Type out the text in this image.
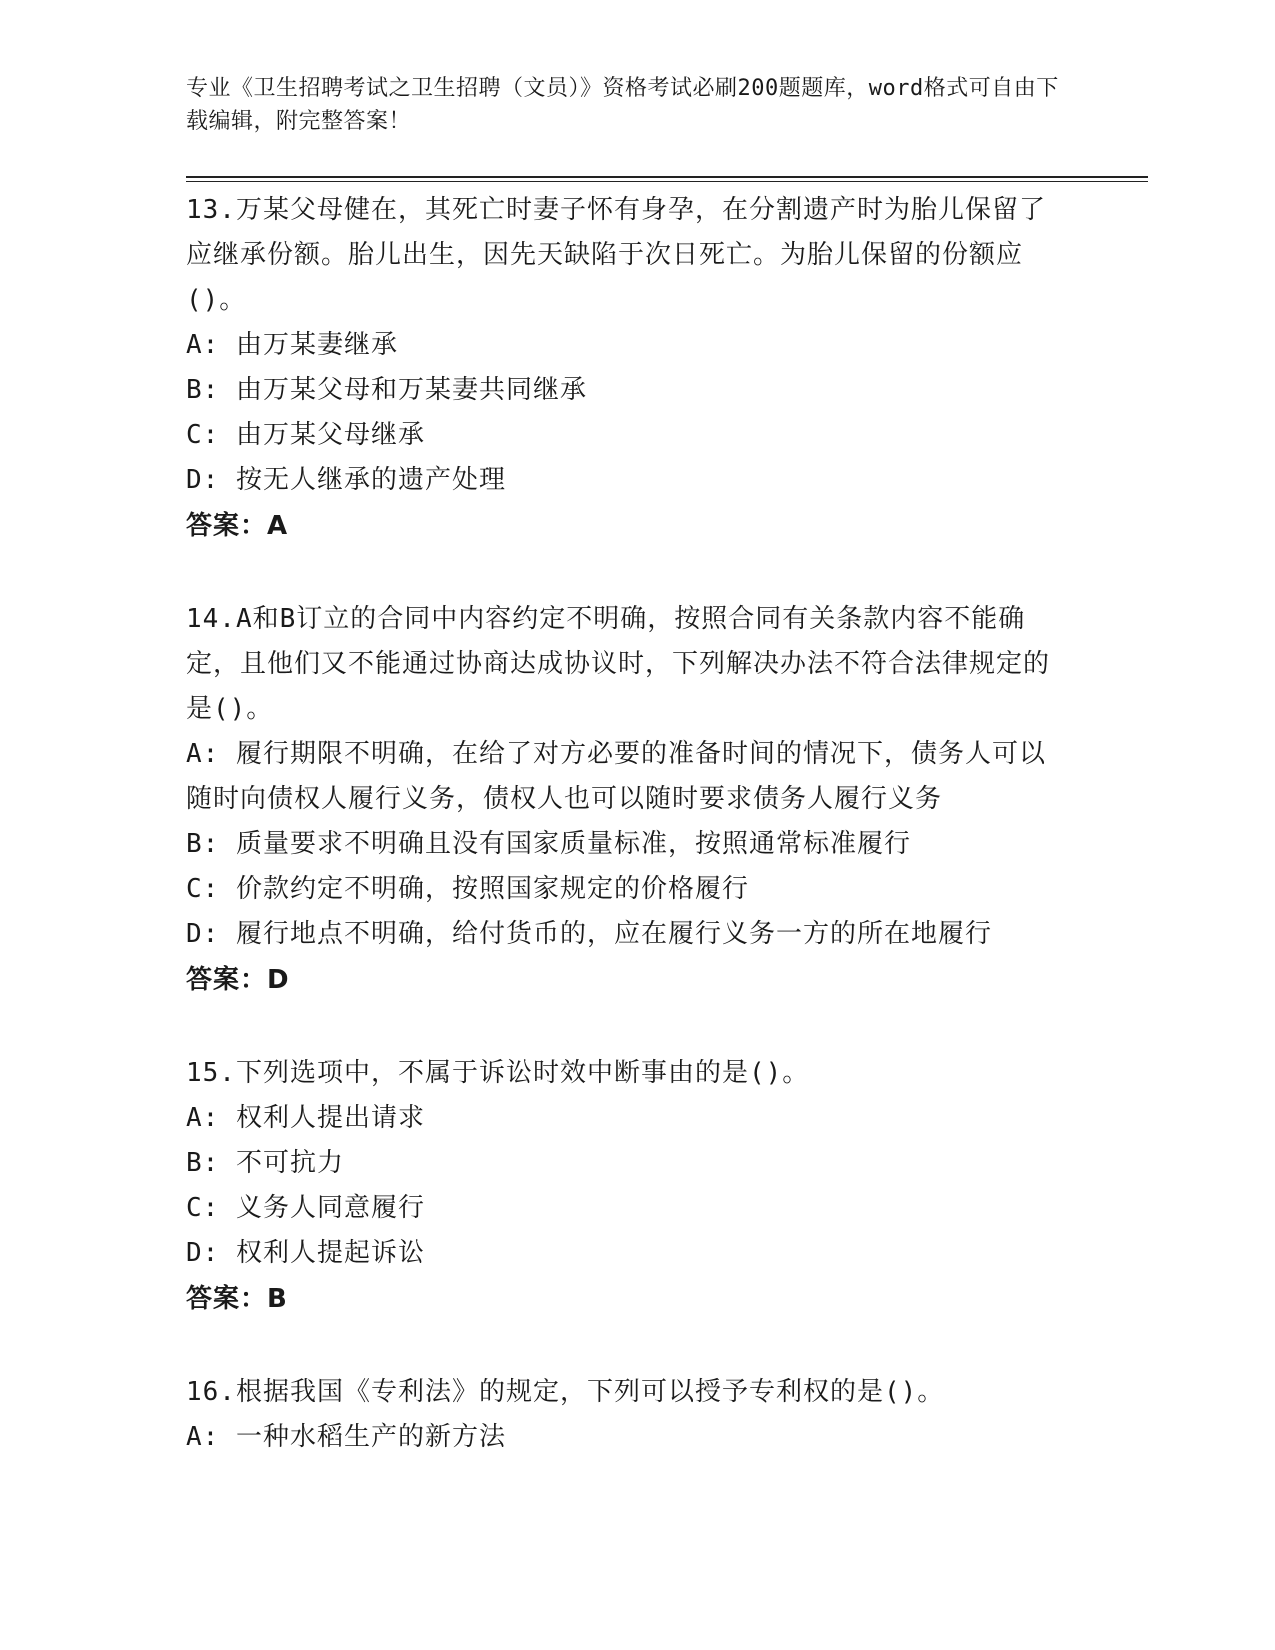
专业《卫生招聘考试之卫生招聘（文员）》资格考试必刷200题题库，word格式可自由下载编辑，附完整答案！

13.万某父母健在，其死亡时妻子怀有身孕，在分割遗产时为胎儿保留了应继承份额。胎儿出生，因先天缺陷于次日死亡。为胎儿保留的份额应()。

A: 由万某妻继承

B: 由万某父母和万某妻共同继承

C: 由万某父母继承

D: 按无人继承的遗产处理

答案：A

14.A和B订立的合同中内容约定不明确，按照合同有关条款内容不能确定，且他们又不能通过协商达成协议时，下列解决办法不符合法律规定的是()。

A: 履行期限不明确，在给了对方必要的准备时间的情况下，债务人可以随时向债权人履行义务，债权人也可以随时要求债务人履行义务

B: 质量要求不明确且没有国家质量标准，按照通常标准履行

C: 价款约定不明确，按照国家规定的价格履行

D: 履行地点不明确，给付货币的，应在履行义务一方的所在地履行

答案：D

15.下列选项中，不属于诉讼时效中断事由的是()。

A: 权利人提出请求

B: 不可抗力

C: 义务人同意履行

D: 权利人提起诉讼

答案：B

16.根据我国《专利法》的规定，下列可以授予专利权的是()。

A: 一种水稻生产的新方法
